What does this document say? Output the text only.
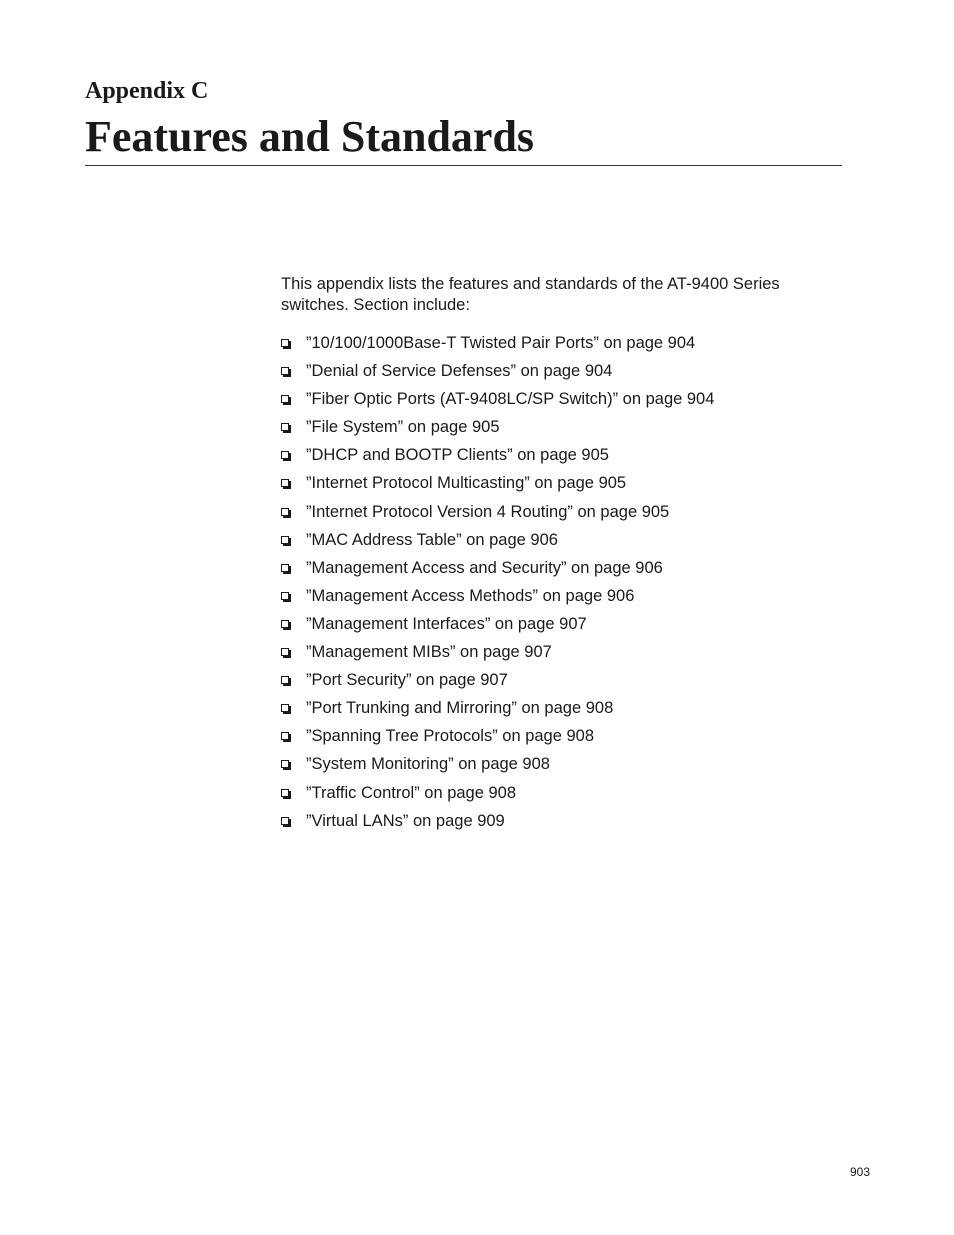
Appendix C
Features and Standards

This appendix lists the features and standards of the AT-9400 Series switches. Section include:

”10/100/1000Base-T Twisted Pair Ports” on page 904
”Denial of Service Defenses” on page 904
”Fiber Optic Ports (AT-9408LC/SP Switch)” on page 904
”File System” on page 905
”DHCP and BOOTP Clients” on page 905
”Internet Protocol Multicasting” on page 905
”Internet Protocol Version 4 Routing” on page 905
”MAC Address Table” on page 906
”Management Access and Security” on page 906
”Management Access Methods” on page 906
”Management Interfaces” on page 907
”Management MIBs” on page 907
”Port Security” on page 907
”Port Trunking and Mirroring” on page 908
”Spanning Tree Protocols” on page 908
”System Monitoring” on page 908
”Traffic Control” on page 908
”Virtual LANs” on page 909
903
